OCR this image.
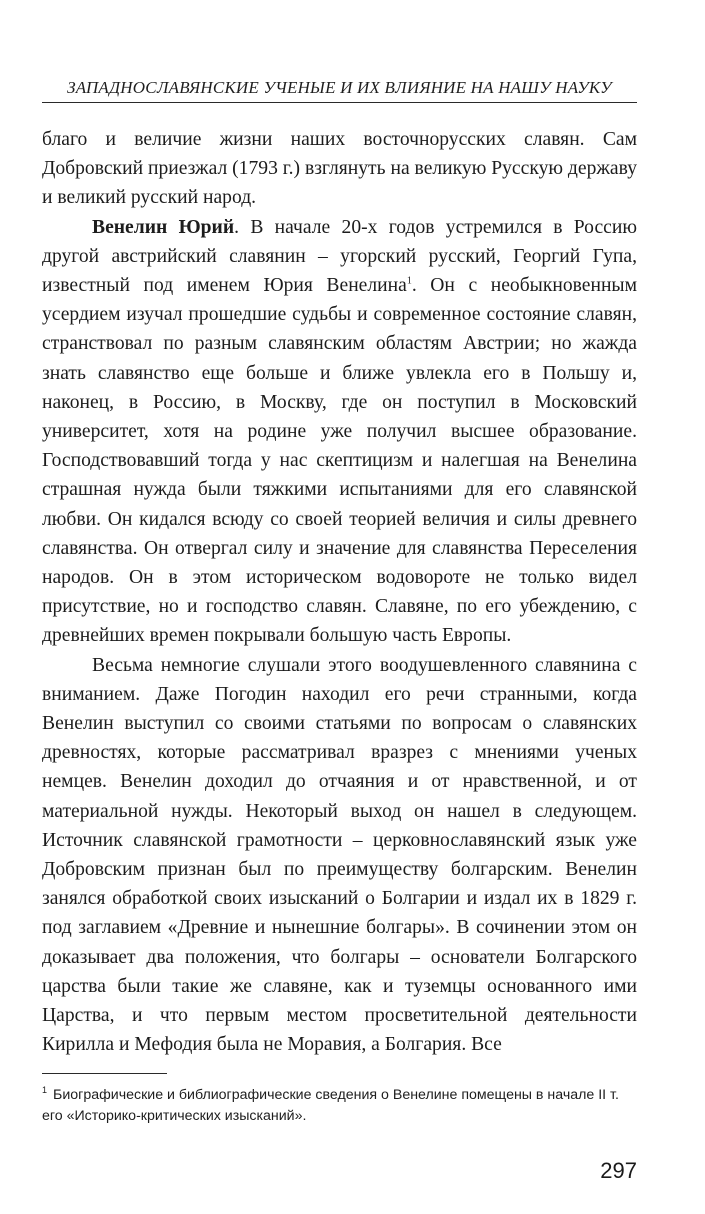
ЗАПАДНОСЛАВЯНСКИЕ УЧЕНЫЕ И ИХ ВЛИЯНИЕ НА НАШУ НАУКУ

благо и величие жизни наших восточнорусских славян. Сам Добровский приезжал (1793 г.) взглянуть на великую Русскую державу и великий русский народ.

Венелин Юрий. В начале 20-х годов устремился в Россию другой австрийский славянин – угорский русский, Георгий Гупа, известный под именем Юрия Венелина$^1$. Он с необыкновенным усердием изучал прошедшие судьбы и современное состояние славян, странствовал по разным славянским областям Австрии; но жажда знать славянство еще больше и ближе увлекла его в Польшу и, наконец, в Россию, в Москву, где он поступил в Московский университет, хотя на родине уже получил высшее образование. Господствовавший тогда у нас скептицизм и налегшая на Венелина страшная нужда были тяжкими испытаниями для его славянской любви. Он кидался всюду со своей теорией величия и силы древнего славянства. Он отвергал силу и значение для славянства Переселения народов. Он в этом историческом водовороте не только видел присутствие, но и господство славян. Славяне, по его убеждению, с древнейших времен покрывали большую часть Европы.

Весьма немногие слушали этого воодушевленного славянина с вниманием. Даже Погодин находил его речи странными, когда Венелин выступил со своими статьями по вопросам о славянских древностях, которые рассматривал вразрез с мнениями ученых немцев. Венелин доходил до отчаяния и от нравственной, и от материальной нужды. Некоторый выход он нашел в следующем. Источник славянской грамотности – церковнославянский язык уже Добровским признан был по преимуществу болгарским. Венелин занялся обработкой своих изысканий о Болгарии и издал их в 1829 г. под заглавием «Древние и нынешние болгары». В сочинении этом он доказывает два положения, что болгары – основатели Болгарского царства были такие же славяне, как и туземцы основанного ими Царства, и что первым местом просветительной деятельности Кирилла и Мефодия была не Моравия, а Болгария. Все

$^1$ Биографические и библиографические сведения о Венелине помещены в начале II т. его «Историко-критических изысканий».
297
